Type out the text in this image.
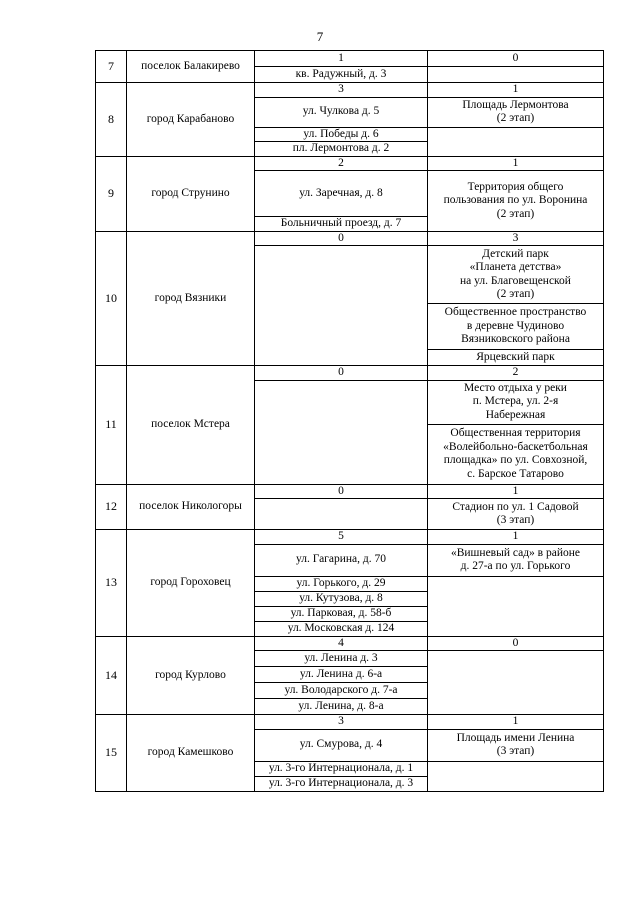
7
7	поселок Балакирево	1	0
		кв. Радужный, д. 3	
8	город Карабаново	3	1
		ул. Чулкова д. 5	Площадь Лермонтова
(2 этап)

		ул. Победы д. 6	
		пл. Лермонтова д. 2	
9	город Струнино	2	1
		ул. Заречная, д. 8	Территория общего
пользования по ул. Воронина
(2 этап)

		Больничный проезд, д. 7	
10	город Вязники	0	3

			Детский парк
«Планета детства»
на ул. Благовещенской
(2 этап)

			Общественное пространство
в деревне Чудиново
Вязниковского района

			Ярцевский парк
11	поселок Мстера	0	2

			Место отдыха у реки
п. Мстера, ул. 2-я
Набережная

			Общественная территория
«Волейбольно-баскетбольная
площадка» по ул. Совхозной,
с. Барское Татарово

12	поселок Никологоры	0	1

			Стадион по ул. 1 Садовой
(3 этап)

13	город Гороховец	5	1
		ул. Гагарина, д. 70	«Вишневый сад» в районе
д. 27-а по ул. Горького

		ул. Горького, д. 29	
		ул. Кутузова, д. 8	
		ул. Парковая, д. 58-б	
		ул. Московская д. 124	
14	город Курлово	4	0
		ул. Ленина д. 3	
		ул. Ленина д. 6-а	
		ул. Володарского д. 7-а	
		ул. Ленина, д. 8-а	
15	город Камешково	3	1
		ул. Смурова, д. 4	Площадь имени Ленина
(3 этап)

		ул. 3-го Интернационала, д. 1	
		ул. 3-го Интернационала, д. 3	
